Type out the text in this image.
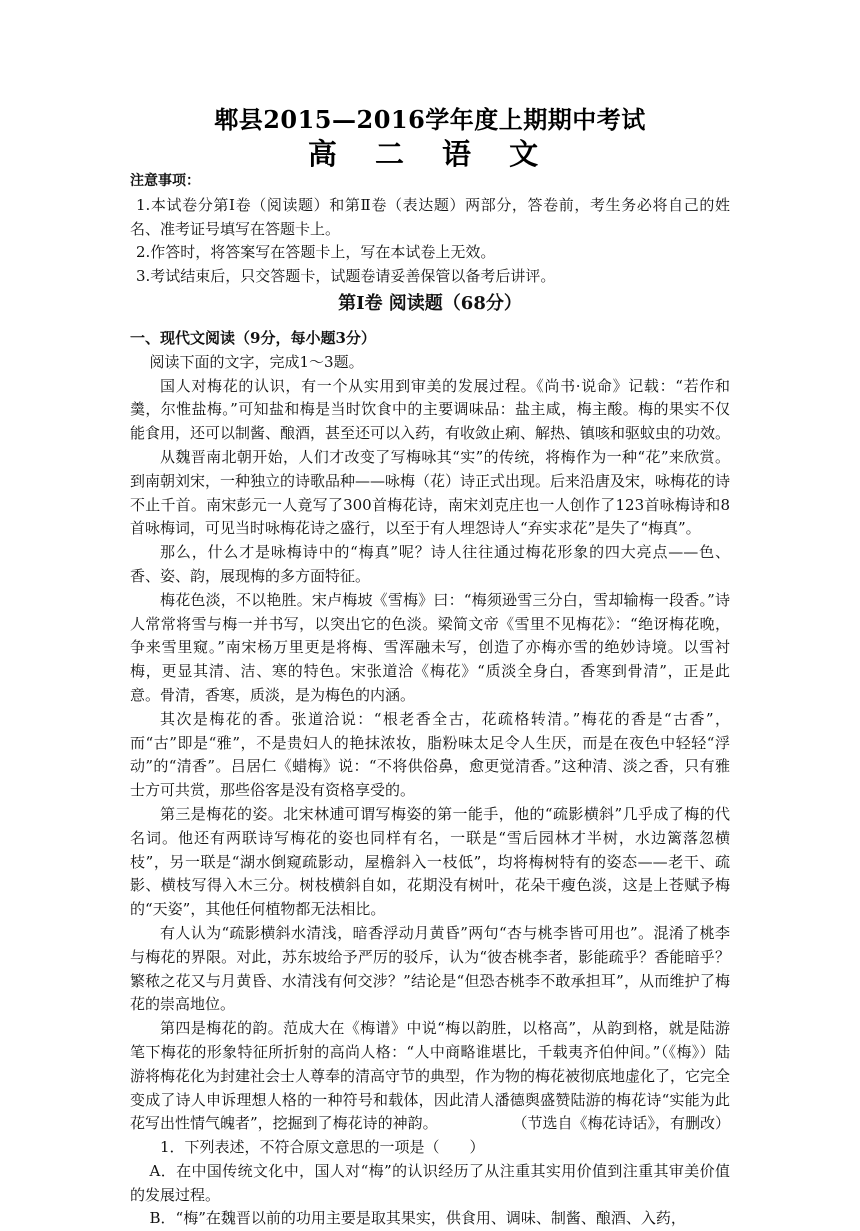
郫县2015—2016学年度上期期中考试
高 二 语 文

注意事项：

1.本试卷分第Ⅰ卷（阅读题）和第Ⅱ卷（表达题）两部分，答卷前，考生务必将自己的姓名、准考证号填写在答题卡上。

2.作答时，将答案写在答题卡上，写在本试卷上无效。

3.考试结束后，只交答题卡，试题卷请妥善保管以备考后讲评。

第Ⅰ卷 阅读题（68分）

一、现代文阅读（9分，每小题3分）

阅读下面的文字，完成1～3题。

国人对梅花的认识，有一个从实用到审美的发展过程。《尚书·说命》记载：“若作和羹，尔惟盐梅。”可知盐和梅是当时饮食中的主要调味品：盐主咸，梅主酸。梅的果实不仅能食用，还可以制酱、酿酒，甚至还可以入药，有收敛止痢、解热、镇咳和驱蚊虫的功效。

从魏晋南北朝开始，人们才改变了写梅咏其“实”的传统，将梅作为一种“花”来欣赏。到南朝刘宋，一种独立的诗歌品种——咏梅（花）诗正式出现。后来沿唐及宋，咏梅花的诗不止千首。南宋彭元一人竟写了300首梅花诗，南宋刘克庄也一人创作了123首咏梅诗和8首咏梅词，可见当时咏梅花诗之盛行，以至于有人埋怨诗人“弃实求花”是失了“梅真”。

那么，什么才是咏梅诗中的“梅真”呢？诗人往往通过梅花形象的四大亮点——色、香、姿、韵，展现梅的多方面特征。

梅花色淡，不以艳胜。宋卢梅坡《雪梅》曰：“梅须逊雪三分白，雪却输梅一段香。”诗人常常将雪与梅一并书写，以突出它的色淡。梁简文帝《雪里不见梅花》：“绝讶梅花晚，争来雪里窥。”南宋杨万里更是将梅、雪浑融未写，创造了亦梅亦雪的绝妙诗境。以雪衬梅，更显其清、洁、寒的特色。宋张道洽《梅花》“质淡全身白，香寒到骨清”，正是此意。骨清，香寒，质淡，是为梅色的内涵。

其次是梅花的香。张道洽说：“根老香全古，花疏格转清。”梅花的香是“古香”，而“古”即是“雅”，不是贵妇人的艳抹浓妆，脂粉味太足令人生厌，而是在夜色中轻轻“浮动”的“清香”。吕居仁《蜡梅》说：“不将供俗鼻，愈更觉清香。”这种清、淡之香，只有雅士方可共赏，那些俗客是没有资格享受的。

第三是梅花的姿。北宋林逋可谓写梅姿的第一能手，他的“疏影横斜”几乎成了梅的代名词。他还有两联诗写梅花的姿也同样有名，一联是“雪后园林才半树，水边篱落忽横枝”，另一联是“湖水倒窥疏影动，屋檐斜入一枝低”，均将梅树特有的姿态——老干、疏影、横枝写得入木三分。树枝横斜自如，花期没有树叶，花朵干瘦色淡，这是上苍赋予梅的“天姿”，其他任何植物都无法相比。

有人认为“疏影横斜水清浅，暗香浮动月黄昏”两句“杏与桃李皆可用也”。混淆了桃李与梅花的界限。对此，苏东坡给予严厉的驳斥，认为“彼杏桃李者，影能疏乎？香能暗乎？繁秾之花又与月黄昏、水清浅有何交涉？”结论是“但恐杏桃李不敢承担耳”，从而维护了梅花的崇高地位。

第四是梅花的韵。范成大在《梅谱》中说“梅以韵胜，以格高”，从韵到格，就是陆游笔下梅花的形象特征所折射的高尚人格：“人中商略谁堪比，千载夷齐伯仲间。”（《梅》）陆游将梅花化为封建社会士人尊奉的清高守节的典型，作为物的梅花被彻底地虚化了，它完全变成了诗人申诉理想人格的一种符号和载体，因此清人潘德舆盛赞陆游的梅花诗“实能为此花写出性情气魄者”，挖掘到了梅花诗的神韵。	（节选自《梅花诗话》，有删改）

1．下列表述，不符合原文意思的一项是（　　）

A．在中国传统文化中，国人对“梅”的认识经历了从注重其实用价值到注重其审美价值的发展过程。

B．“梅”在魏晋以前的功用主要是取其果实，供食用、调味、制酱、酿酒、入药，
